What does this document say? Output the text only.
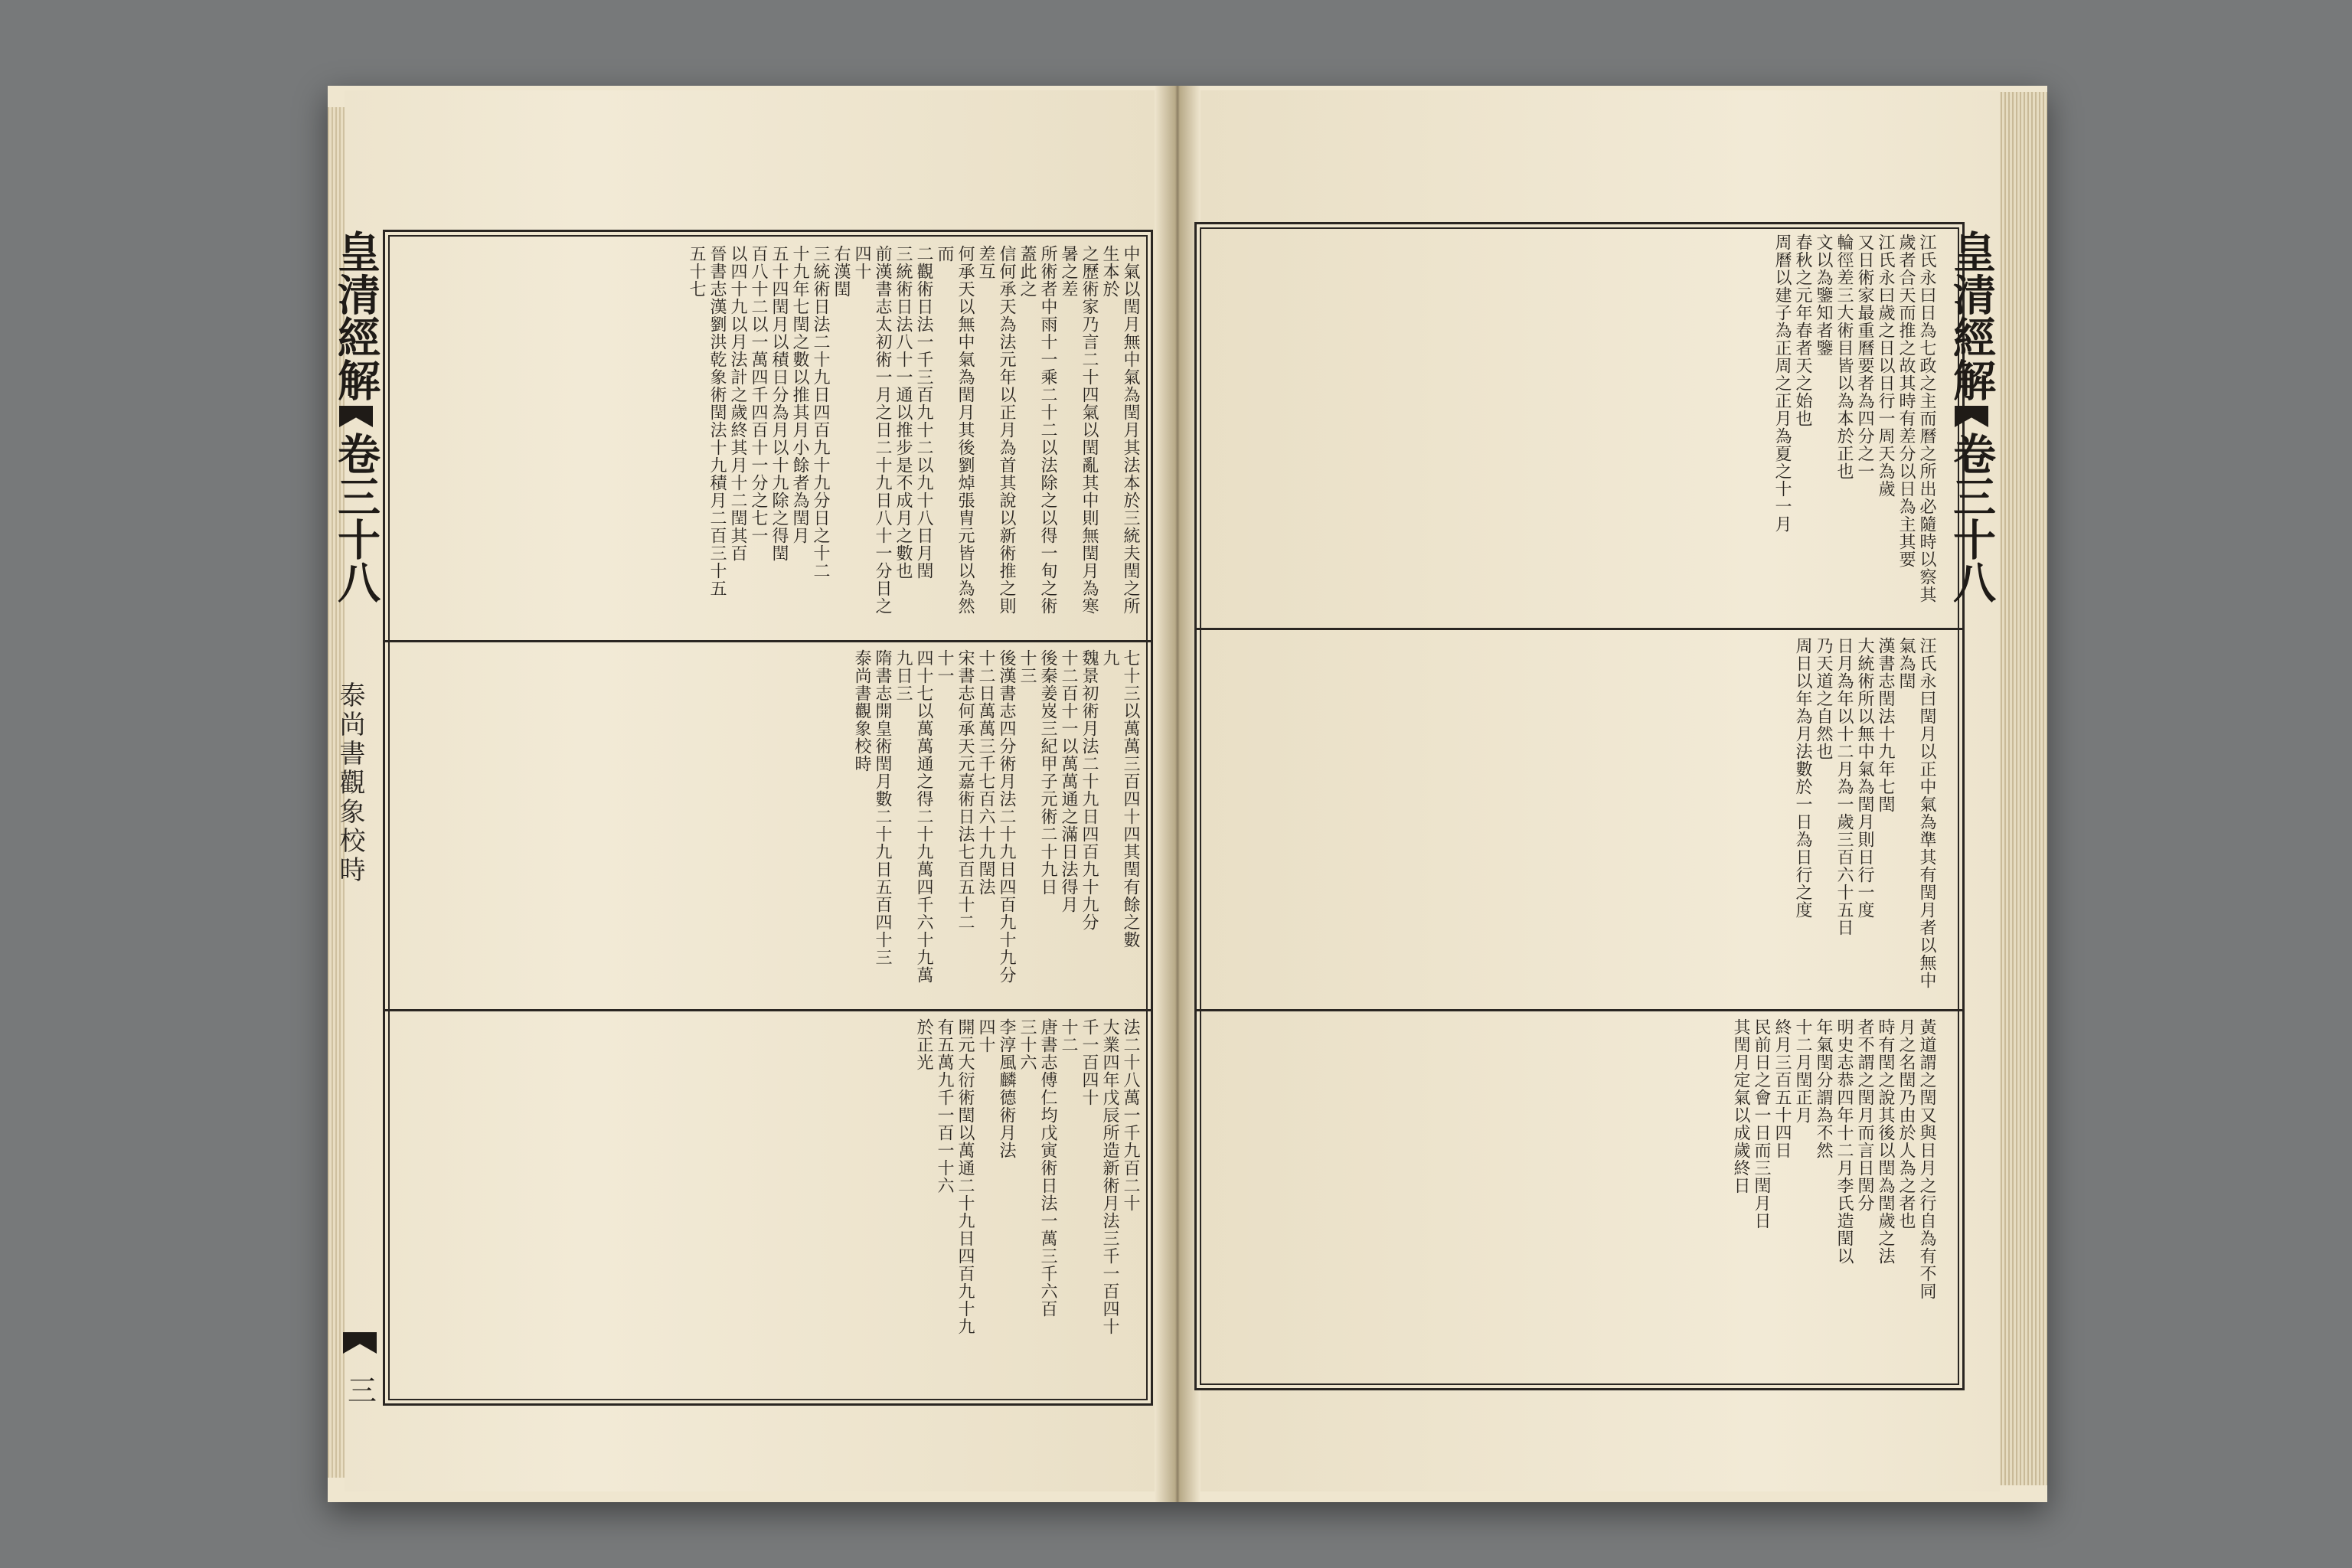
皇
清
經
解
卷
三
十
八
泰尚書觀象校時
三
皇
清
經
解
卷
三
十
八
中氣以閏月無中氣為閏月其法本於三統夫閏之所生本於
之歷術家乃言二十四氣以閏亂其中則無閏月為寒暑之差
所術者中雨十一乘二十二以法除之以得一旬之術蓋此之
信何承天為法元年以正月為首其說以新術推之則差互
何承天以無中氣為閏月其後劉焯張胄元皆以為然而
二觀術日法一千三百九十二以九十八日月閏
三統術日法八十一通以推步是不成月之數也
前漢書志太初術一月之日二十九日八十一分日之四十
右漢閏
三統術日法二十九日四百九十九分日之十二
十九年七閏之數以推其月小餘者為閏月
五十四閏月以積日分為月以十九除之得閏
百八十二以一萬四千四百十一分之七一
以四十九以月法計之歲終其月十二閏其百
晉書志漢劉洪乾象術閏法十九積月二百三十五
五十七
七十三以萬萬三百四十四其閏有餘之數
九
魏景初術月法二十九日四百九十九分
十二百十一以萬萬通之滿日法得月
後秦姜岌三紀甲子元術二十九日
十三
後漢書志四分術月法二十九日四百九十九分
十二日萬萬三千七百六十九閏法
宋書志何承天元嘉術日法七百五十二
十一
四十七以萬萬通之得二十九萬四千六十九萬
九日三
隋書志開皇術閏月數二十九日五百四十三
泰尚書觀象校時
法二十八萬一千九百二十
大業四年戊辰所造新術月法三千一百四十
千一百四十
十二
唐書志傅仁均戊寅術日法一萬三千六百
三十六
李淳風麟德術月法
四十
開元大衍術閏以萬通二十九日四百九十九
有五萬九千一百一十六
於正光
江氏永曰日為七政之主而曆之所出必隨時以察其
歲者合天而推之故其時有差分以日為主其要
江氏永曰歲之日以日行一周天為歲
又日術家最重曆要者為四分之一
輪徑差三大術目皆以為本於正也
文以為鑒知者鑒
春秋之元年春者天之始也
周曆以建子為正周之正月為夏之十一月
汪氏永曰閏月以正中氣為準其有閏月者以無中氣為閏
漢書志閏法十九年七閏
大統術所以無中氣為閏月則日行一度
日月為年以十二月為一歲三百六十五日
乃天道之自然也
周日以年為月法數於一日為日行之度
黃道謂之閏又與日月之行自為有不同
月之名閏乃由於人為之者也
時有閏之說其後以閏為閏歲之法
者不謂之閏月而言日閏分
明史志恭四年十二月李氏造閏以
年氣閏分謂為不然
十二月閏正月
終月三百五十四日
民前日之會一日而三閏月日
其閏月定氣以成歲終日
